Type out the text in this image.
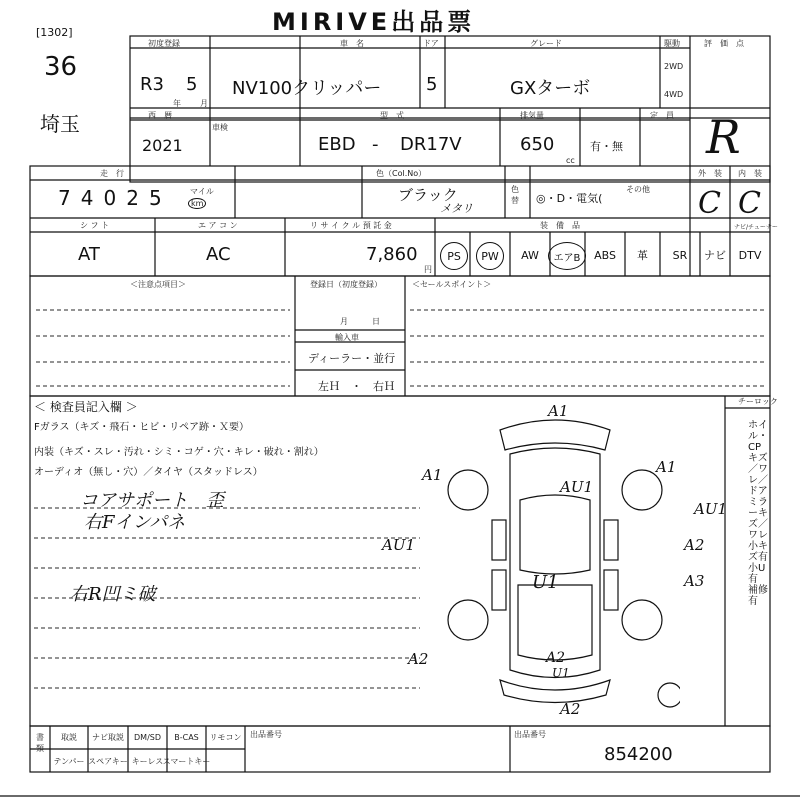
MIRIVE出品票
[1302]
36
埼玉
初度登録
R3 5
年 月
車　名
NV100クリッパー
ドア
5
グレード
GXターボ
駆動
2WD
4WD
評　価　点
西　暦
2021
車検
型　式
EBD - DR17V
排気量
650
cc
有・無
定　員 R
走　行
74025 マイル
km
色（Col.No）
ブラック
メタリ
色替 ◎・D・電気(
その他
外　装 内　装
C C
シ フ ト
AT
エ ア コ ン
AC
リ サ イ ク ル 預 託 金
7,860
円
装　備　品	ナビ/チューナー
PS	PW	AW	エアB	ABS	革	SR	ナビ	DTV
＜注意点項目＞	登録日（初度登録）
月　　　日
輸入車
ディーラー・並行
左Ｈ　・　右Ｈ
＜セールスポイント＞
＜ 検査員記入欄 ＞
Fガラス（キズ・飛石・ヒビ・リペア跡・Ｘ要）
内装（キズ・スレ・汚れ・シミ・コゲ・穴・キレ・破れ・割れ）
オーディオ（無し・穴）／タイヤ（スタッドレス）
コアサポート　歪
右Fインパネ
右R凹ミ破
チーロック
A1
A1
AU1
A1
AU1
A2
A3
AU1
U1
A2	A2
U1
A2
ホイル・CPキズ／ワレ／ドアミラーキズ／ワレ　小キズ有　小U有　補修有
書類
取説	ナビ取説	DM/SD	B-CAS	リモコン
テンパー スペアキー キーレス スマートキー
出品番号	出品番号
854200
